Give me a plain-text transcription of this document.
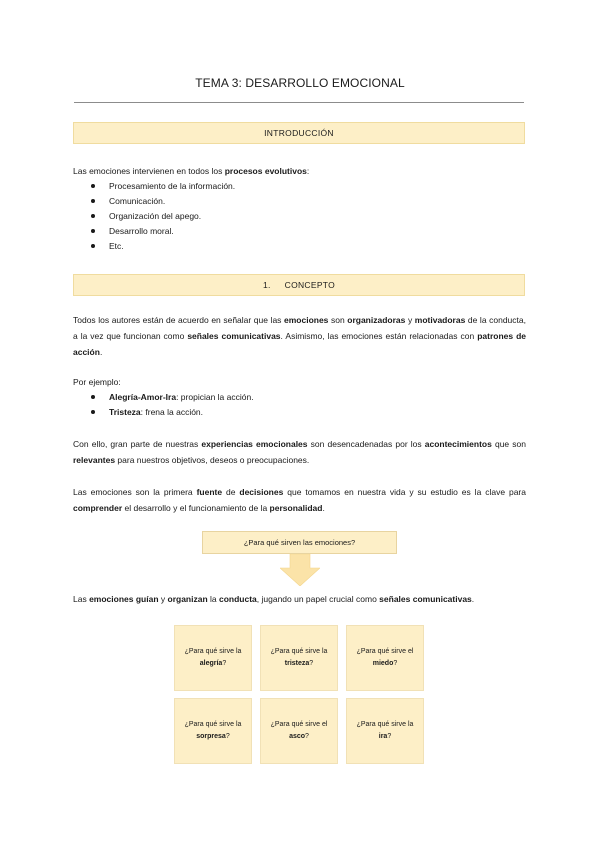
TEMA 3: DESARROLLO EMOCIONAL
INTRODUCCIÓN

Las emociones intervienen en todos los procesos evolutivos:

Procesamiento de la información.
Comunicación.
Organización del apego.
Desarrollo moral.
Etc.
1. CONCEPTO

Todos los autores están de acuerdo en señalar que las emociones son organizadoras y motivadoras de la conducta, a la vez que funcionan como señales comunicativas. Asimismo, las emociones están relacionadas con patrones de acción.

Por ejemplo:

Alegría-Amor-Ira: propician la acción.
Tristeza: frena la acción.

Con ello, gran parte de nuestras experiencias emocionales son desencadenadas por los acontecimientos que son relevantes para nuestros objetivos, deseos o preocupaciones.

Las emociones son la primera fuente de decisiones que tomamos en nuestra vida y su estudio es la clave para comprender el desarrollo y el funcionamiento de la personalidad.

¿Para qué sirven las emociones?

Las emociones guían y organizan la conducta, jugando un papel crucial como señales comunicativas.

¿Para qué sirve la
alegría?
¿Para qué sirve la
tristeza?
¿Para qué sirve el
miedo?
¿Para qué sirve la
sorpresa?
¿Para qué sirve el
asco?
¿Para qué sirve la
ira?
